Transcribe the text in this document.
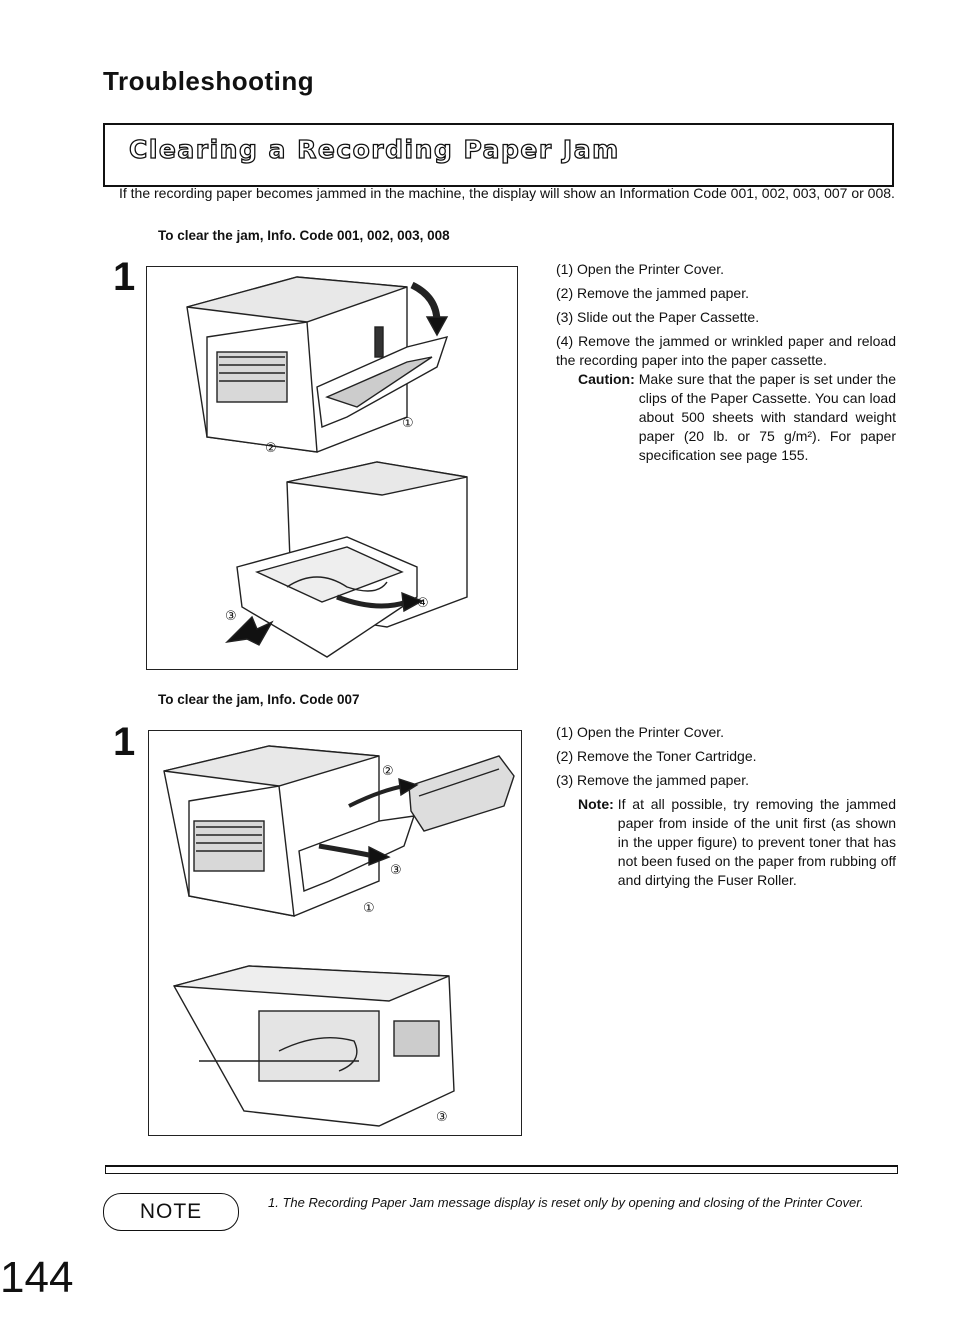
Troubleshooting
Clearing a Recording Paper Jam
If the recording paper becomes jammed in the machine, the display will show an Information Code 001, 002, 003, 007 or 008.
To clear the jam, Info. Code 001, 002, 003, 008
1
①
②
③
④

(1) Open the Printer Cover.

(2) Remove the jammed paper.

(3) Slide out the Paper Cassette.

(4) Remove the jammed or wrinkled paper and reload the recording paper into the paper cassette.

Caution: Make sure that the paper is set under the clips of the Paper Cassette. You can load about 500 sheets with standard weight paper (20 lb. or 75 g/m²). For paper specification see page 155.
To clear the jam, Info. Code 007
1
①
②
③
③

(1) Open the Printer Cover.

(2) Remove the Toner Cartridge.

(3) Remove the jammed paper.

Note: If at all possible, try removing the jammed paper from inside of the unit first (as shown in the upper figure) to prevent toner that has not been fused on the paper from rubbing off and dirtying the Fuser Roller.
NOTE	1. The Recording Paper Jam message display is reset only by opening and closing of the Printer Cover.
144
